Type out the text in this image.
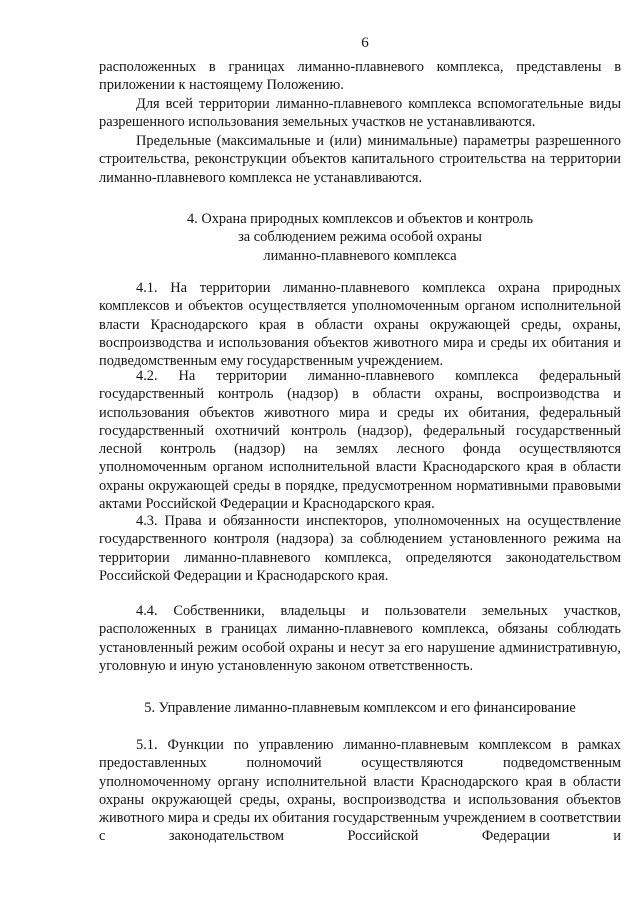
6

расположенных в границах лиманно-плавневого комплекса, представлены в приложении к настоящему Положению.

Для всей территории лиманно-плавневого комплекса вспомогательные виды разрешенного использования земельных участков не устанавливаются.

Предельные (максимальные и (или) минимальные) параметры разрешенного строительства, реконструкции объектов капитального строительства на территории лиманно-плавневого комплекса не устанавливаются.

4. Охрана природных комплексов и объектов и контроль
за соблюдением режима особой охраны
лиманно-плавневого комплекса

4.1. На территории лиманно-плавневого комплекса охрана природных комплексов и объектов осуществляется уполномоченным органом исполнительной власти Краснодарского края в области охраны окружающей среды, охраны, воспроизводства и использования объектов животного мира и среды их обитания и подведомственным ему государственным учреждением.

4.2. На территории лиманно-плавневого комплекса федеральный государственный контроль (надзор) в области охраны, воспроизводства и использования объектов животного мира и среды их обитания, федеральный государственный охотничий контроль (надзор), федеральный государственный лесной контроль (надзор) на землях лесного фонда осуществляются уполномоченным органом исполнительной власти Краснодарского края в области охраны окружающей среды в порядке, предусмотренном нормативными правовыми актами Российской Федерации и Краснодарского края.

4.3. Права и обязанности инспекторов, уполномоченных на осуществление государственного контроля (надзора) за соблюдением установленного режима на территории лиманно-плавневого комплекса, определяются законодательством Российской Федерации и Краснодарского края.

4.4. Собственники, владельцы и пользователи земельных участков, расположенных в границах лиманно-плавневого комплекса, обязаны соблюдать установленный режим особой охраны и несут за его нарушение административную, уголовную и иную установленную законом ответственность.

5. Управление лиманно-плавневым комплексом и его финансирование

5.1. Функции по управлению лиманно-плавневым комплексом в рамках предоставленных полномочий осуществляются подведомственным уполномоченному органу исполнительной власти Краснодарского края в области охраны окружающей среды, охраны, воспроизводства и использования объектов животного мира и среды их обитания государственным учреждением в соответствии с законодательством Российской Федерации и
